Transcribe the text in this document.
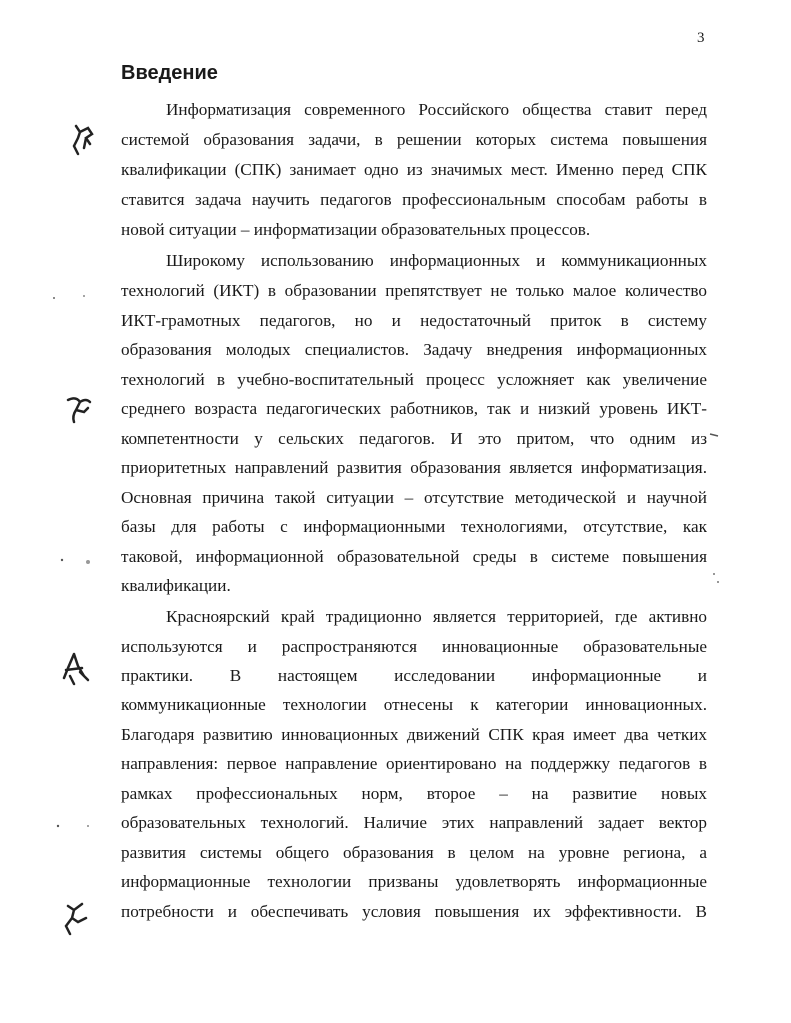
3
Введение
Информатизация современного Российского общества ставит перед
системой образования задачи, в решении которых система повышения
квалификации (СПК) занимает одно из значимых мест. Именно перед СПК
ставится задача научить педагогов профессиональным способам работы в
новой ситуации – информатизации образовательных процессов.
Широкому использованию информационных и коммуникационных
технологий (ИКТ) в образовании препятствует не только малое количество
ИКТ-грамотных педагогов, но и недостаточный приток в систему
образования молодых специалистов. Задачу внедрения информационных
технологий в учебно-воспитательный процесс усложняет как увеличение
среднего возраста педагогических работников, так и низкий уровень ИКТ-
компетентности у сельских педагогов. И это притом, что одним из
приоритетных направлений развития образования является информатизация.
Основная причина такой ситуации – отсутствие методической и научной
базы для работы с информационными технологиями, отсутствие, как
таковой, информационной образовательной среды в системе повышения
квалификации.
Красноярский край традиционно является территорией, где активно
используются и распространяются инновационные образовательные
практики. В настоящем исследовании информационные и
коммуникационные технологии отнесены к категории инновационных.
Благодаря развитию инновационных движений СПК края имеет два четких
направления: первое направление ориентировано на поддержку педагогов в
рамках профессиональных норм, второе – на развитие новых
образовательных технологий. Наличие этих направлений задает вектор
развития системы общего образования в целом на уровне региона, а
информационные технологии призваны удовлетворять информационные
потребности и обеспечивать условия повышения их эффективности. В
